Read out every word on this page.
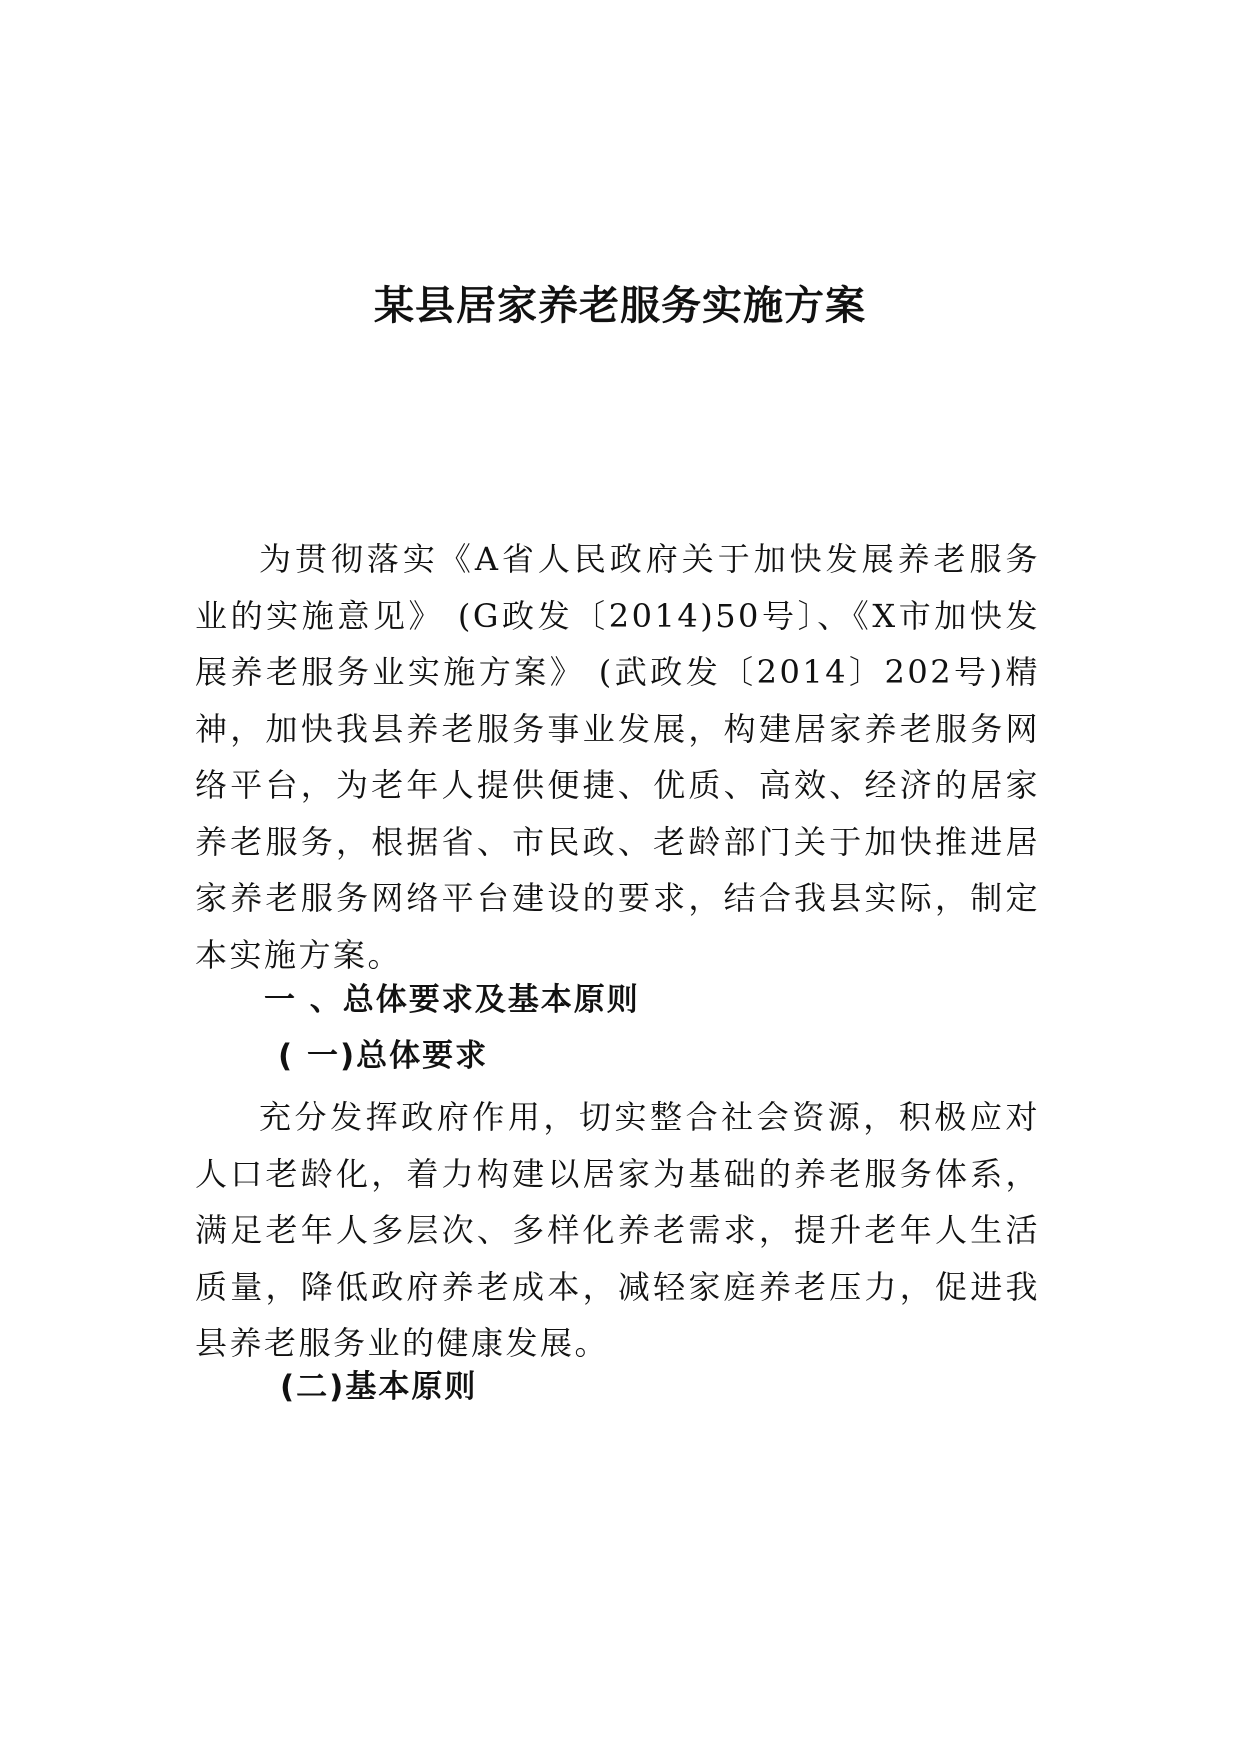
某县居家养老服务实施方案

为贯彻落实《A省人民政府关于加快发展养老服务业的实施意见》 (G政发〔2014)50号〕、《X市加快发展养老服务业实施方案》 (武政发〔2014〕202号)精神，加快我县养老服务事业发展，构建居家养老服务网络平台，为老年人提供便捷、优质、高效、经济的居家养老服务，根据省、市民政、老龄部门关于加快推进居家养老服务网络平台建设的要求，结合我县实际，制定本实施方案。

一 、总体要求及基本原则
( 一)总体要求

充分发挥政府作用，切实整合社会资源，积极应对人口老龄化，着力构建以居家为基础的养老服务体系，满足老年人多层次、多样化养老需求，提升老年人生活质量，降低政府养老成本，减轻家庭养老压力，促进我县养老服务业的健康发展。

(二)基本原则
